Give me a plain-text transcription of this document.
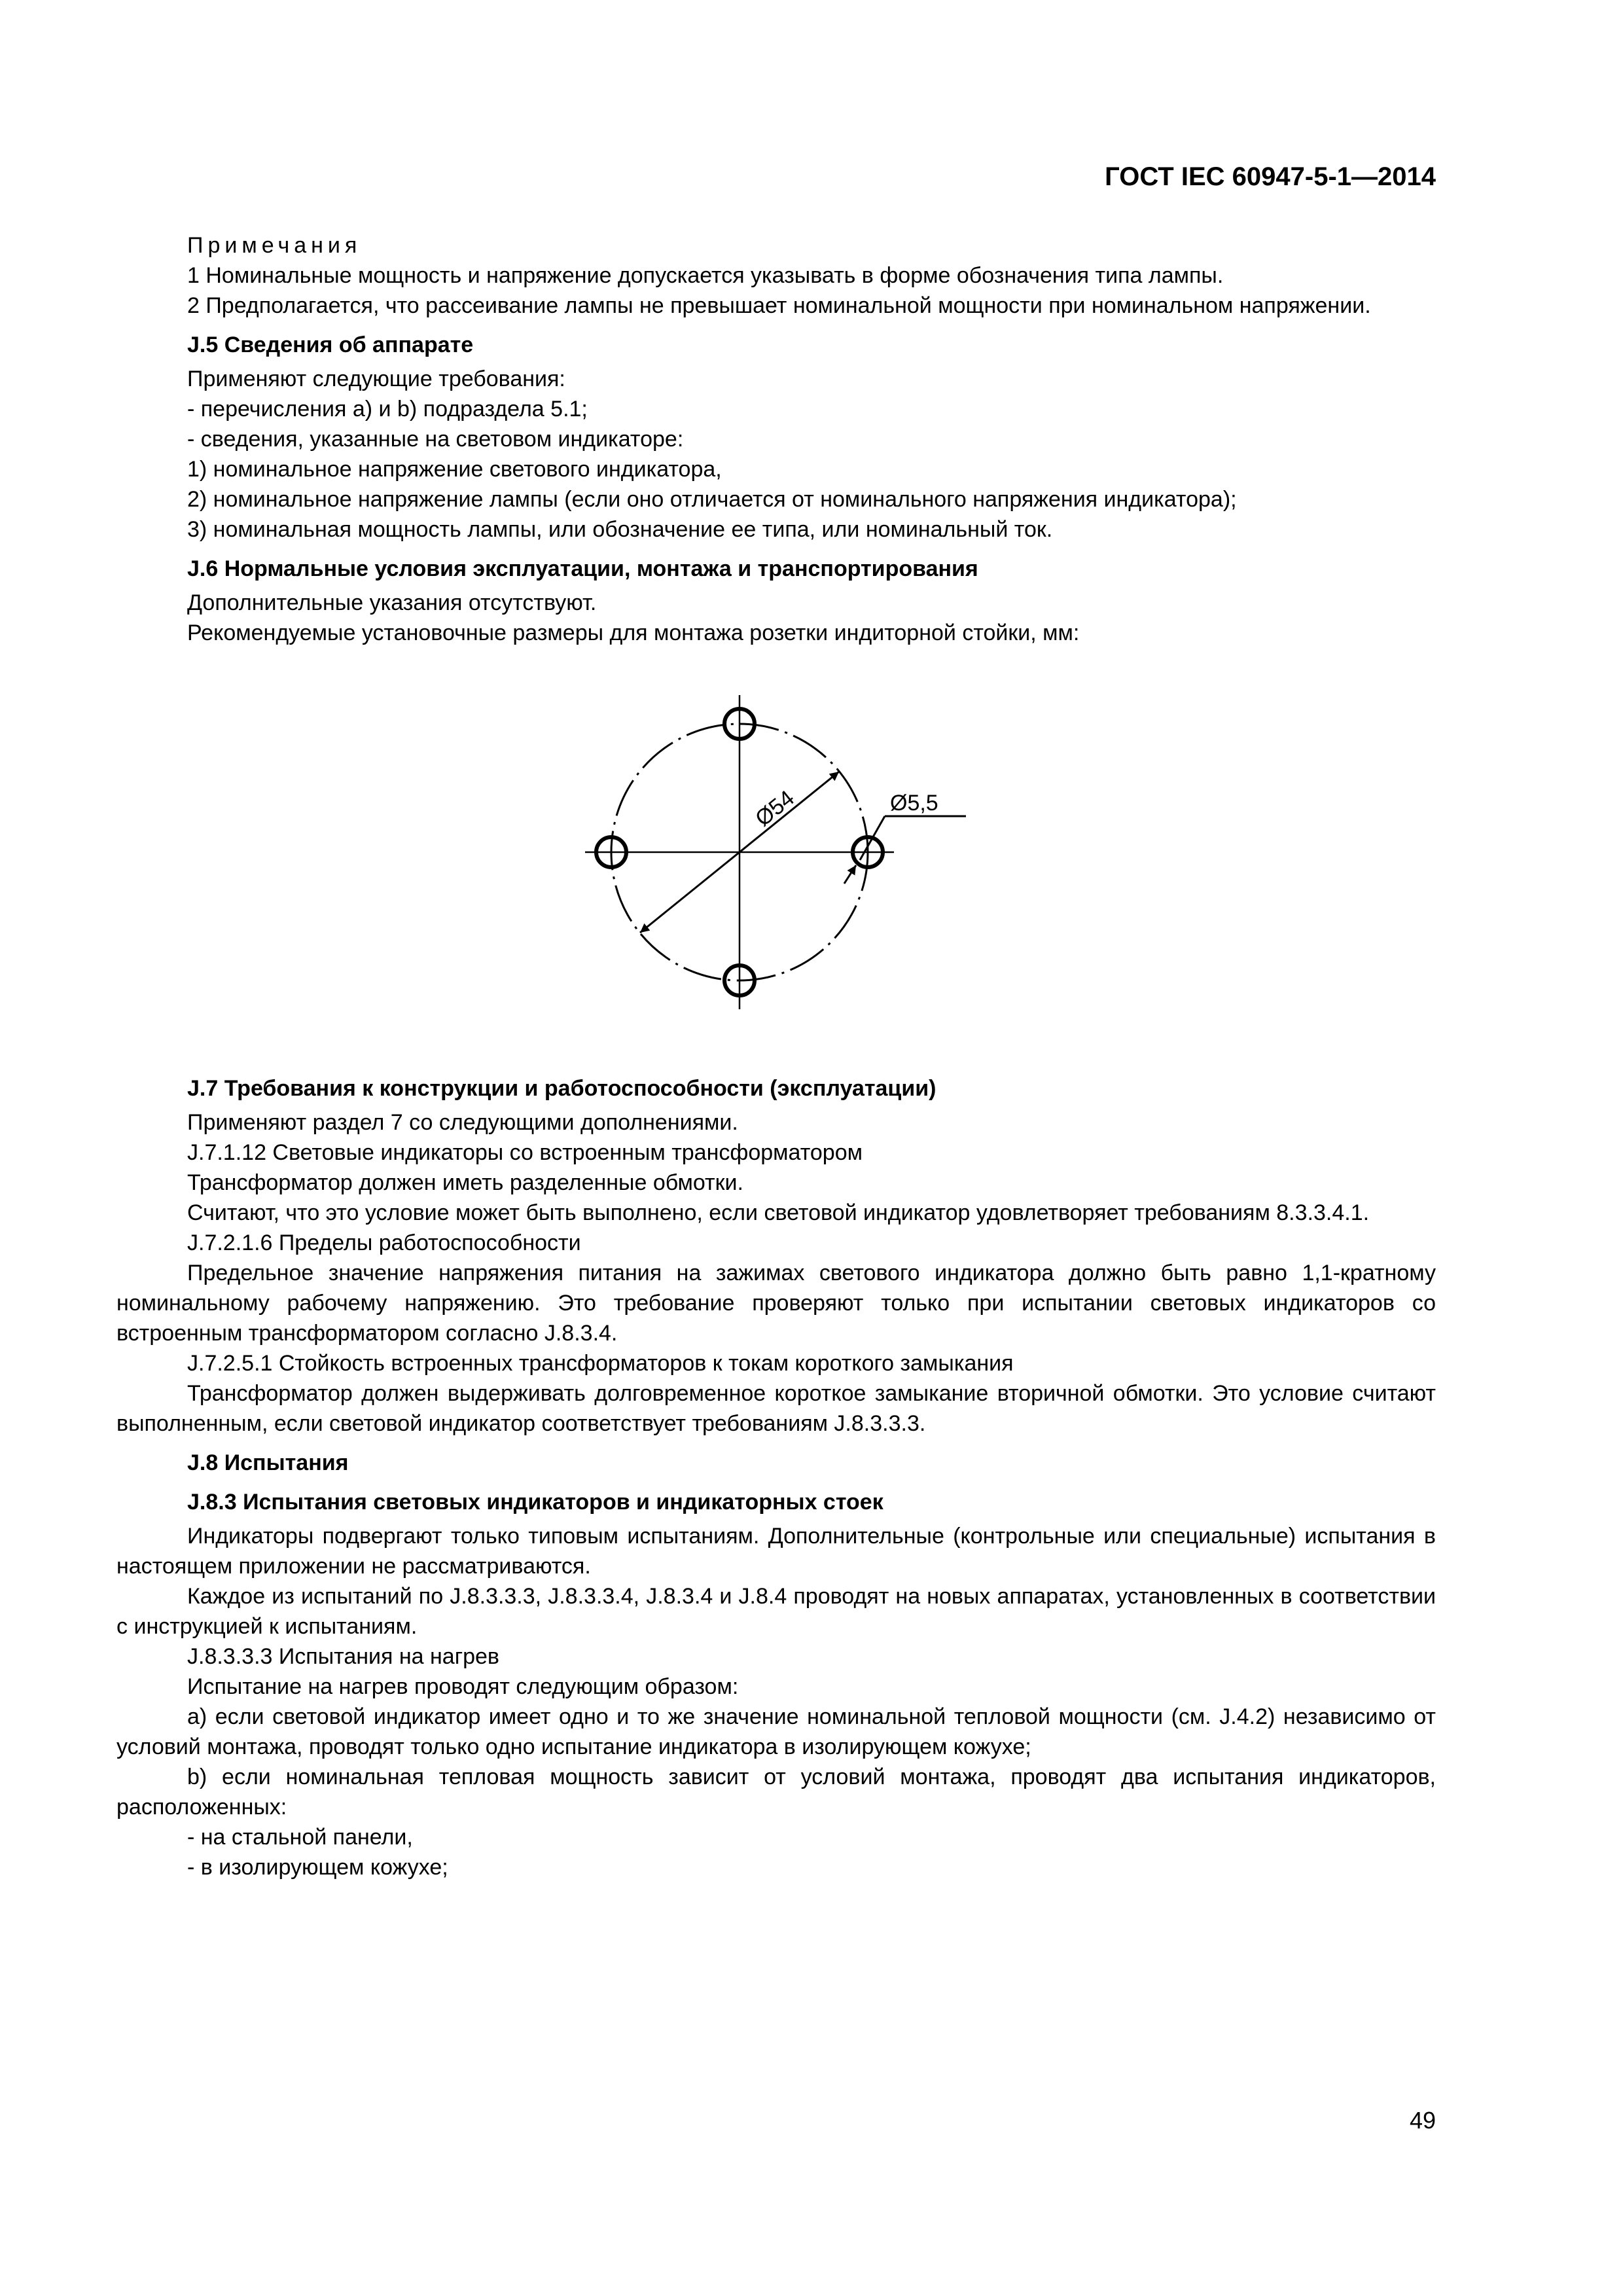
ГОСТ IEC 60947-5-1—2014

Примечания

1 Номинальные мощность и напряжение допускается указывать в форме обозначения типа лампы.

2 Предполагается, что рассеивание лампы не превышает номинальной мощности при номинальном напряжении.

J.5 Сведения об аппарате

Применяют следующие требования:

- перечисления a) и b) подраздела 5.1;

- сведения, указанные на световом индикаторе:

1) номинальное напряжение светового индикатора,

2) номинальное напряжение лампы (если оно отличается от номинального напряжения индикатора);

3) номинальная мощность лампы, или обозначение ее типа, или номинальный ток.

J.6 Нормальные условия эксплуатации, монтажа и транспортирования

Дополнительные указания отсутствуют.

Рекомендуемые установочные размеры для монтажа розетки индиторной стойки, мм:

Ø54	Ø5,5

J.7 Требования к конструкции и работоспособности (эксплуатации)

Применяют раздел 7 со следующими дополнениями.

J.7.1.12 Световые индикаторы со встроенным трансформатором

Трансформатор должен иметь разделенные обмотки.

Считают, что это условие может быть выполнено, если световой индикатор удовлетворяет требованиям 8.3.3.4.1.

J.7.2.1.6 Пределы работоспособности

Предельное значение напряжения питания на зажимах светового индикатора должно быть равно 1,1-кратному номинальному рабочему напряжению. Это требование проверяют только при испытании световых индикаторов со встроенным трансформатором согласно J.8.3.4.

J.7.2.5.1 Стойкость встроенных трансформаторов к токам короткого замыкания

Трансформатор должен выдерживать долговременное короткое замыкание вторичной обмотки. Это условие считают выполненным, если световой индикатор соответствует требованиям J.8.3.3.3.

J.8 Испытания

J.8.3 Испытания световых индикаторов и индикаторных стоек

Индикаторы подвергают только типовым испытаниям. Дополнительные (контрольные или специальные) испытания в настоящем приложении не рассматриваются.

Каждое из испытаний по J.8.3.3.3, J.8.3.3.4, J.8.3.4 и J.8.4 проводят на новых аппаратах, установленных в соответствии с инструкцией к испытаниям.

J.8.3.3.3 Испытания на нагрев

Испытание на нагрев проводят следующим образом:

a) если световой индикатор имеет одно и то же значение номинальной тепловой мощности (см. J.4.2) независимо от условий монтажа, проводят только одно испытание индикатора в изолирующем кожухе;

b) если номинальная тепловая мощность зависит от условий монтажа, проводят два испытания индикаторов, расположенных:

- на стальной панели,

- в изолирующем кожухе;

49
